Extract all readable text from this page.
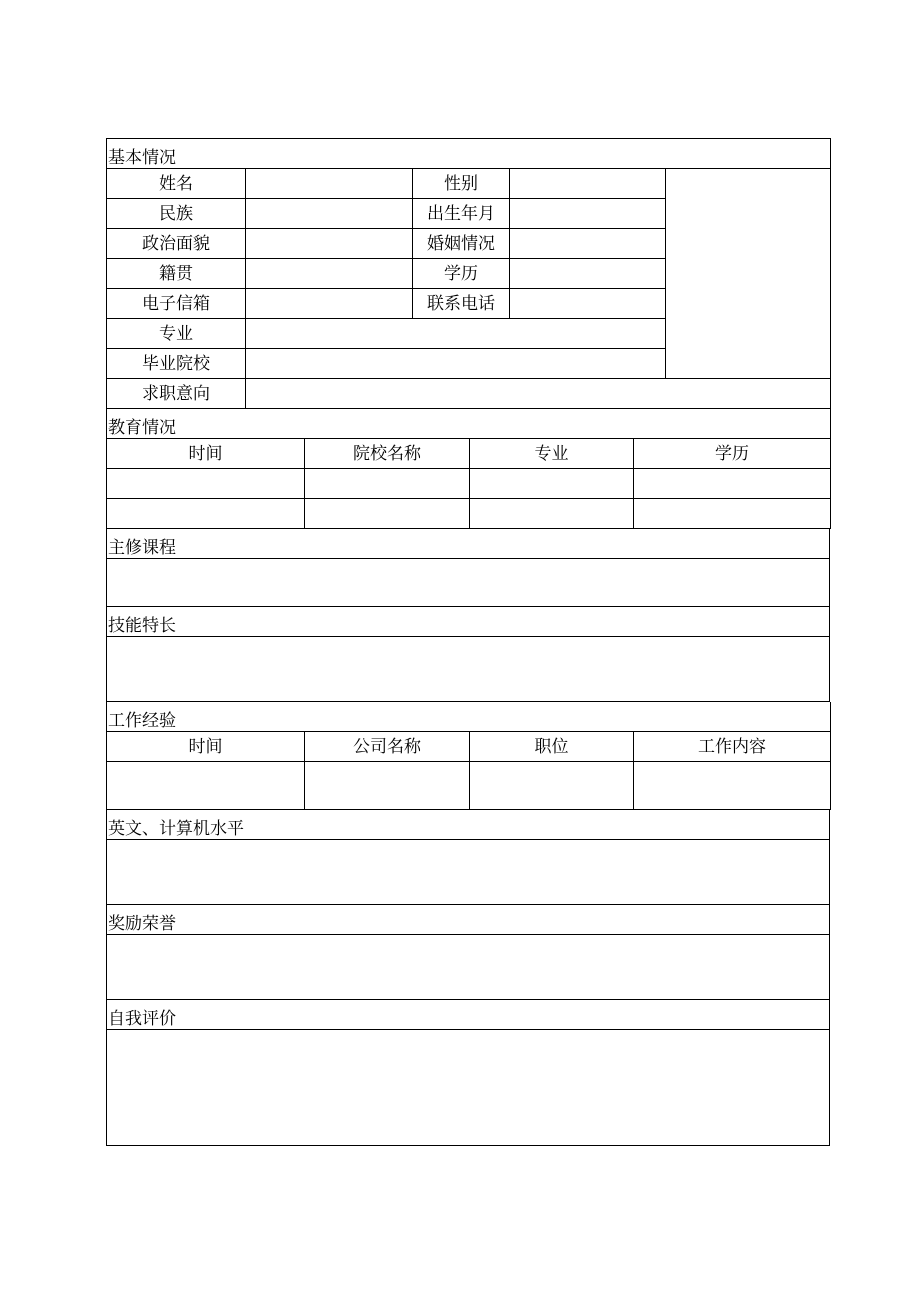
基本情况				
姓名		性别		
民族		出生年月		
政治面貌		婚姻情况		
籍贯		学历		
电子信箱		联系电话		
专业				
毕业院校				
求职意向				
教育情况			
时间	院校名称	专业	学历

主修课程

技能特长

工作经验			
时间	公司名称	职位	工作内容

英文、计算机水平

奖励荣誉

自我评价
